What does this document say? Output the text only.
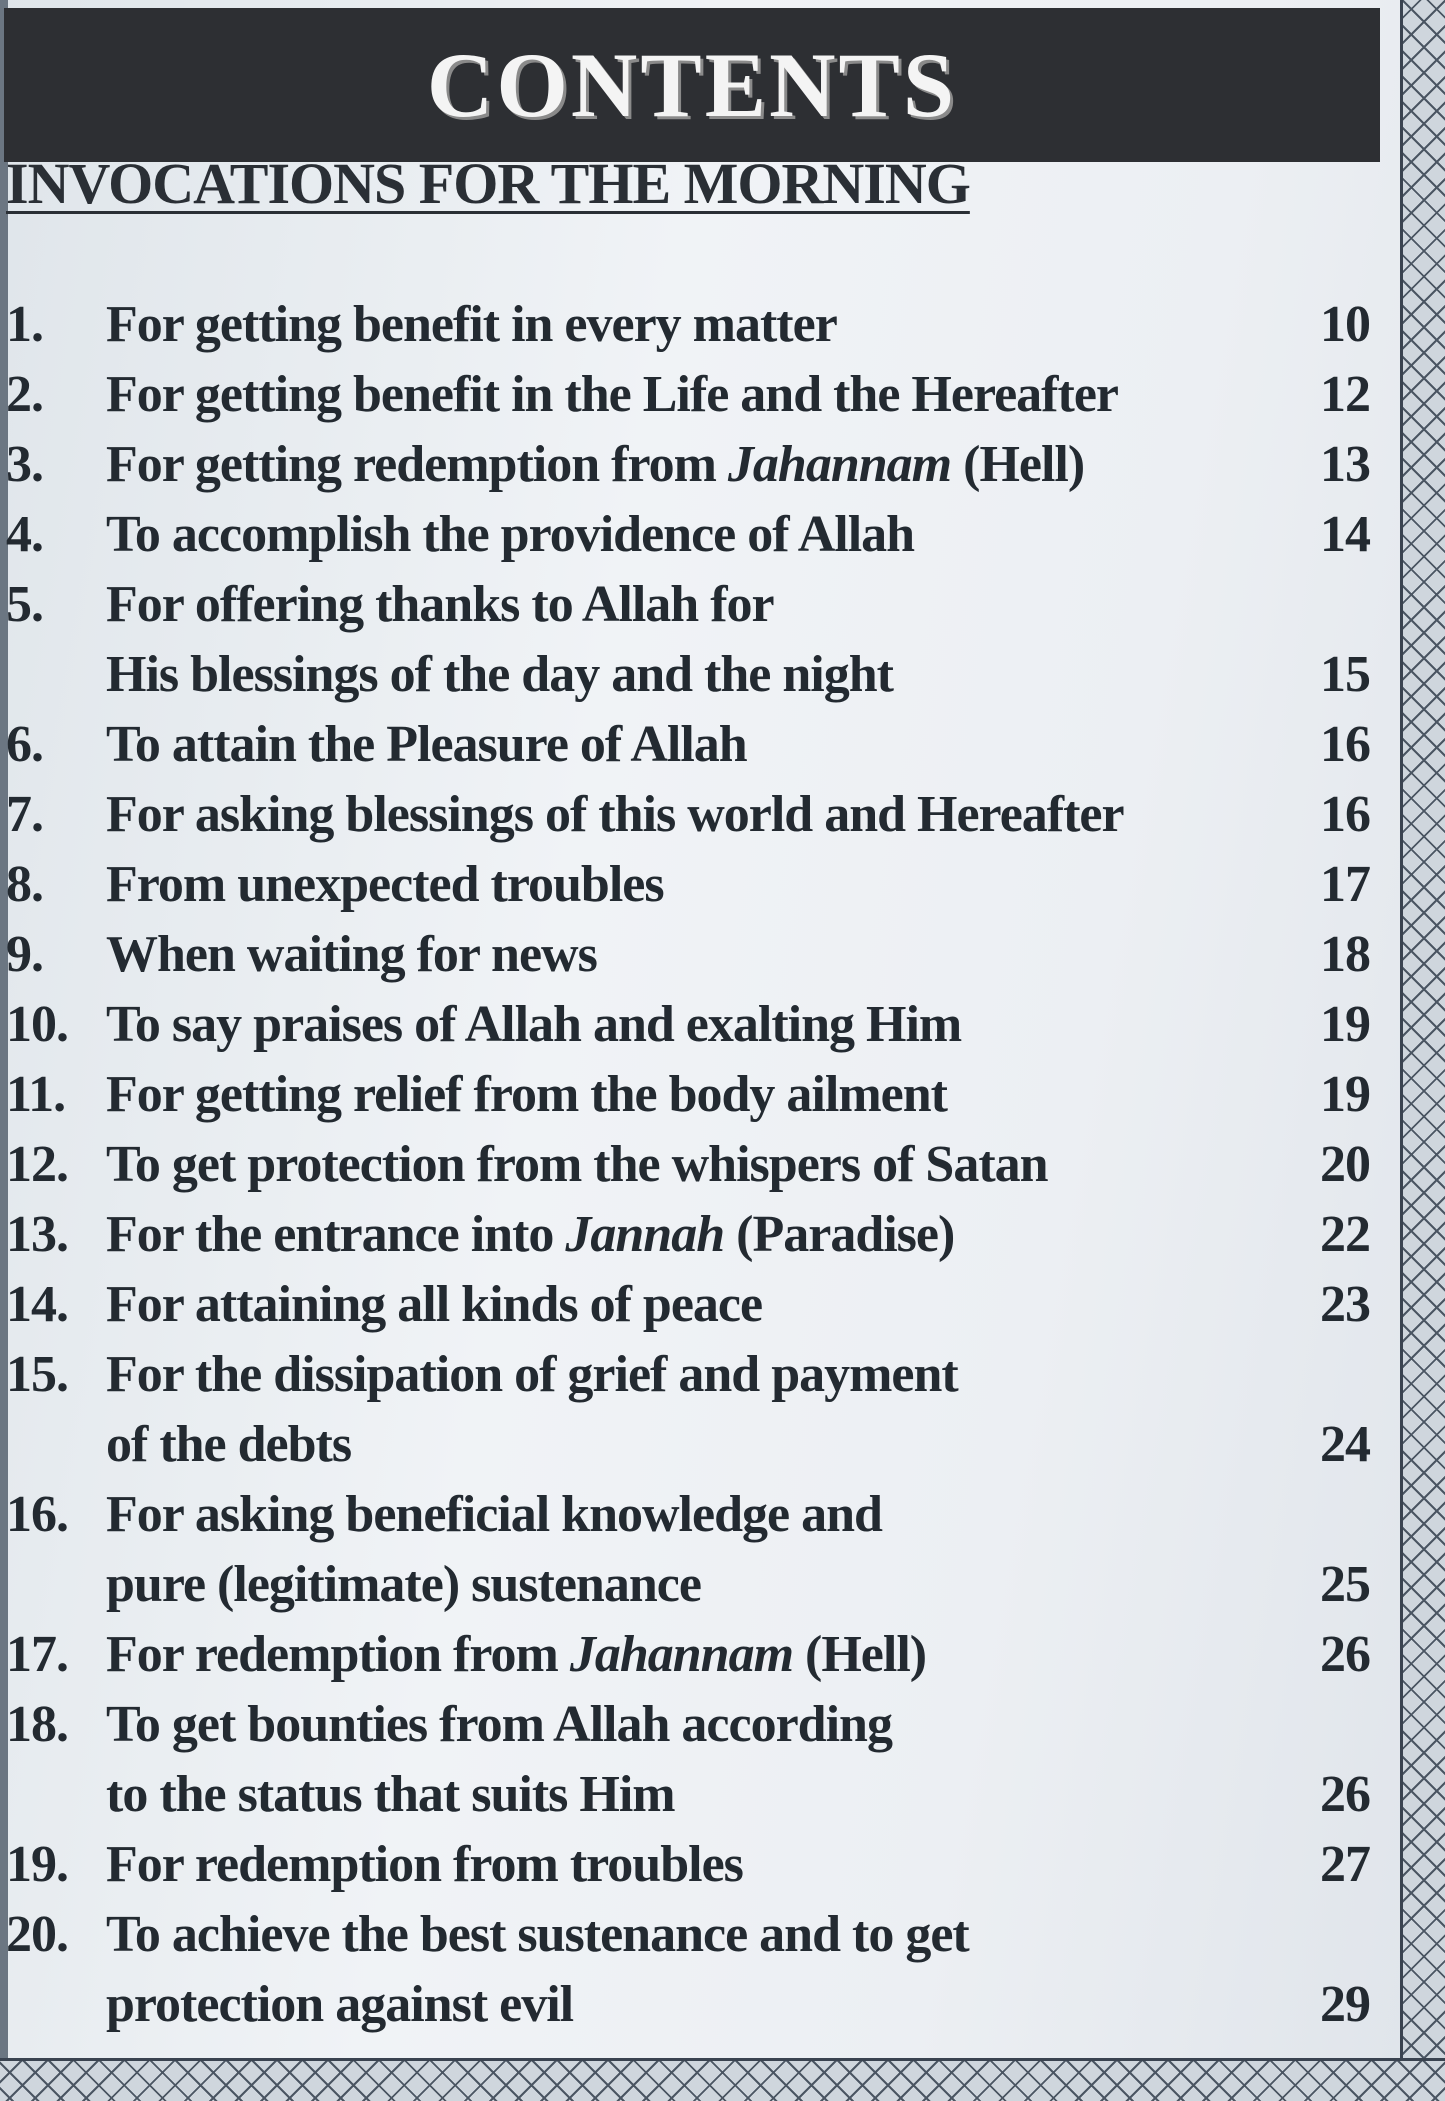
CONTENTS
INVOCATIONS FOR THE MORNING
1.	For getting benefit in every matter	10
2.	For getting benefit in the Life and the Hereafter	12
3.	For getting redemption from Jahannam (Hell)	13
4.	To accomplish the providence of Allah	14
5.	For offering thanks to Allah for
His blessings of the day and the night	15
6.	To attain the Pleasure of Allah	16
7.	For asking blessings of this world and Hereafter	16
8.	From unexpected troubles	17
9.	When waiting for news	18
10. To say praises of Allah and exalting Him	19
11. For getting relief from the body ailment	19
12. To get protection from the whispers of Satan	20
13. For the entrance into Jannah (Paradise)	22
14. For attaining all kinds of peace	23
15. For the dissipation of grief and payment
of the debts	24
16. For asking beneficial knowledge and
pure (legitimate) sustenance	25
17. For redemption from Jahannam (Hell)	26
18. To get bounties from Allah according
to the status that suits Him	26
19. For redemption from troubles	27
20. To achieve the best sustenance and to get
protection against evil	29
